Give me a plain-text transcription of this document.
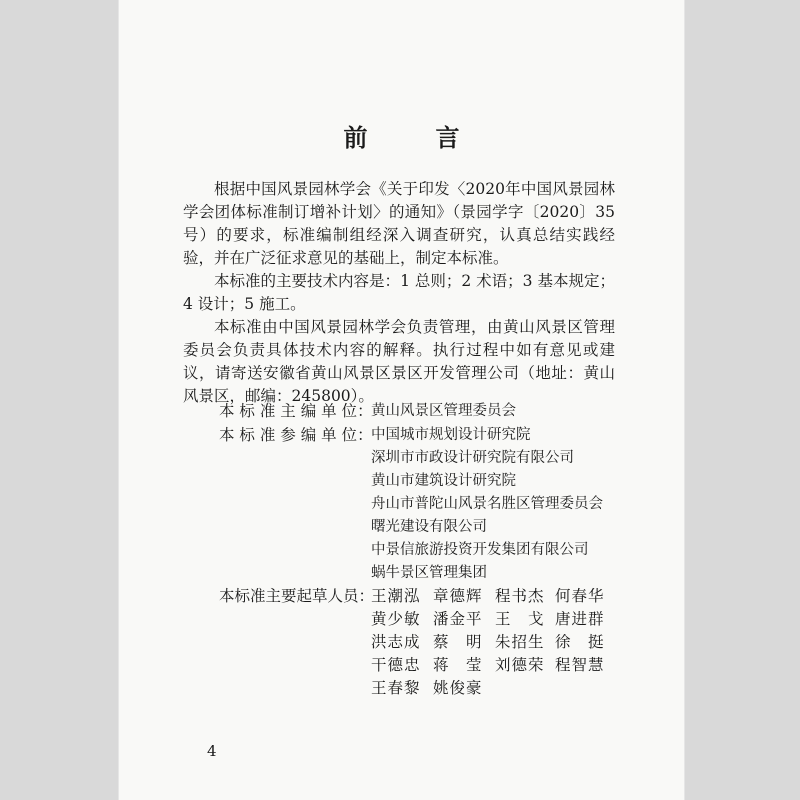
前　言

根据中国风景园林学会《关于印发〈2020年中国风景园林学会团体标准制订增补计划〉的通知》（景园学字〔2020〕35号）的要求，标准编制组经深入调查研究，认真总结实践经验，并在广泛征求意见的基础上，制定本标准。

本标准的主要技术内容是：1 总则；2 术语；3 基本规定；4 设计；5 施工。

本标准由中国风景园林学会负责管理，由黄山风景区管理委员会负责具体技术内容的解释。执行过程中如有意见或建议，请寄送安徽省黄山风景区景区开发管理公司（地址：黄山风景区，邮编：245800）。

本 标 准 主 编 单 位：
黄山风景区管理委员会
本 标 准 参 编 单 位：
中国城市规划设计研究院
深圳市市政设计研究院有限公司
黄山市建筑设计研究院
舟山市普陀山风景名胜区管理委员会
曙光建设有限公司
中景信旅游投资开发集团有限公司
蜗牛景区管理集团
本标准主要起草人员：
王潮泓 章德辉 程书杰 何春华
黄少敏 潘金平 王　戈 唐进群
洪志成 蔡　明 朱招生 徐　挺
干德忠 蒋　莹 刘德荣 程智慧
王春黎 姚俊豪
4
